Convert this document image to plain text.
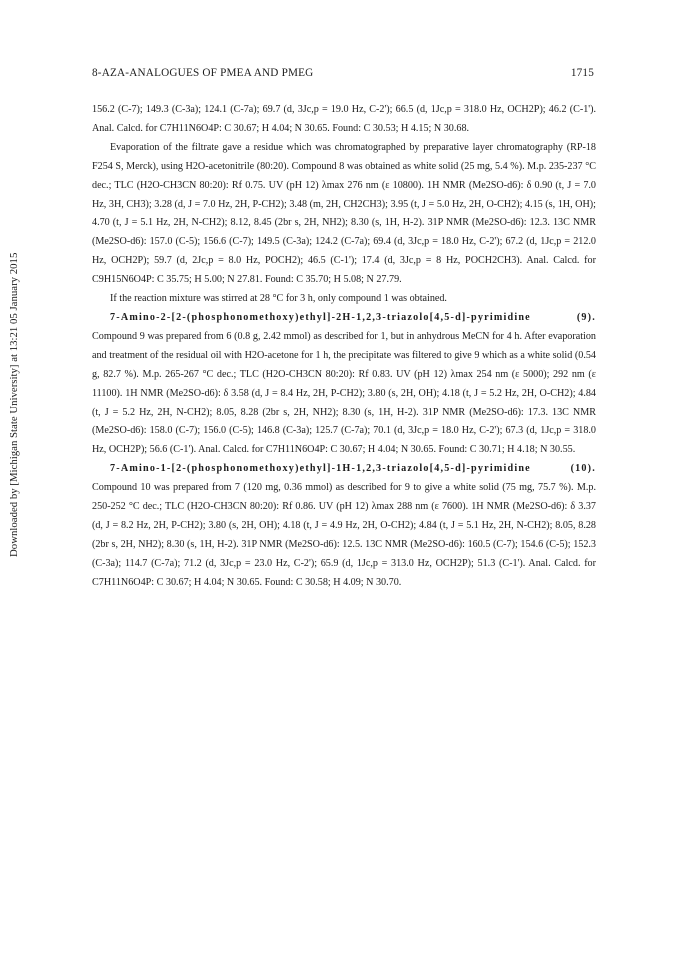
8-AZA-ANALOGUES OF PMEA AND PMEG	1715
Downloaded by [Michigan State University] at 13:21 05 January 2015

156.2 (C-7); 149.3 (C-3a); 124.1 (C-7a); 69.7 (d, 3Jc,p = 19.0 Hz, C-2'); 66.5 (d, 1Jc,p = 318.0 Hz, OCH2P); 46.2 (C-1'). Anal. Calcd. for C7H11N6O4P: C 30.67; H 4.04; N 30.65. Found: C 30.53; H 4.15; N 30.68.

Evaporation of the filtrate gave a residue which was chromatographed by preparative layer chromatography (RP-18 F254 S, Merck), using H2O-acetonitrile (80:20). Compound 8 was obtained as white solid (25 mg, 5.4 %). M.p. 235-237 °C dec.; TLC (H2O-CH3CN 80:20): Rf 0.75. UV (pH 12) λmax 276 nm (ε 10800). 1H NMR (Me2SO-d6): δ 0.90 (t, J = 7.0 Hz, 3H, CH3); 3.28 (d, J = 7.0 Hz, 2H, P-CH2); 3.48 (m, 2H, CH2CH3); 3.95 (t, J = 5.0 Hz, 2H, O-CH2); 4.15 (s, 1H, OH); 4.70 (t, J = 5.1 Hz, 2H, N-CH2); 8.12, 8.45 (2br s, 2H, NH2); 8.30 (s, 1H, H-2). 31P NMR (Me2SO-d6): 12.3. 13C NMR (Me2SO-d6): 157.0 (C-5); 156.6 (C-7); 149.5 (C-3a); 124.2 (C-7a); 69.4 (d, 3Jc,p = 18.0 Hz, C-2'); 67.2 (d, 1Jc,p = 212.0 Hz, OCH2P); 59.7 (d, 2Jc,p = 8.0 Hz, POCH2); 46.5 (C-1'); 17.4 (d, 3Jc,p = 8 Hz, POCH2CH3). Anal. Calcd. for C9H15N6O4P: C 35.75; H 5.00; N 27.81. Found: C 35.70; H 5.08; N 27.79.

If the reaction mixture was stirred at 28 °C for 3 h, only compound 1 was obtained.

7-Amino-2-[2-(phosphonomethoxy)ethyl]-2H-1,2,3-triazolo[4,5-d]-pyrimidine (9). Compound 9 was prepared from 6 (0.8 g, 2.42 mmol) as described for 1, but in anhydrous MeCN for 4 h. After evaporation and treatment of the residual oil with H2O-acetone for 1 h, the precipitate was filtered to give 9 which as a white solid (0.54 g, 82.7 %). M.p. 265-267 °C dec.; TLC (H2O-CH3CN 80:20): Rf 0.83. UV (pH 12) λmax 254 nm (ε 5000); 292 nm (ε 11100). 1H NMR (Me2SO-d6): δ 3.58 (d, J = 8.4 Hz, 2H, P-CH2); 3.80 (s, 2H, OH); 4.18 (t, J = 5.2 Hz, 2H, O-CH2); 4.84 (t, J = 5.2 Hz, 2H, N-CH2); 8.05, 8.28 (2br s, 2H, NH2); 8.30 (s, 1H, H-2). 31P NMR (Me2SO-d6): 17.3. 13C NMR (Me2SO-d6): 158.0 (C-7); 156.0 (C-5); 146.8 (C-3a); 125.7 (C-7a); 70.1 (d, 3Jc,p = 18.0 Hz, C-2'); 67.3 (d, 1Jc,p = 318.0 Hz, OCH2P); 56.6 (C-1'). Anal. Calcd. for C7H11N6O4P: C 30.67; H 4.04; N 30.65. Found: C 30.71; H 4.18; N 30.55.

7-Amino-1-[2-(phosphonomethoxy)ethyl]-1H-1,2,3-triazolo[4,5-d]-pyrimidine (10). Compound 10 was prepared from 7 (120 mg, 0.36 mmol) as described for 9 to give a white solid (75 mg, 75.7 %). M.p. 250-252 °C dec.; TLC (H2O-CH3CN 80:20): Rf 0.86. UV (pH 12) λmax 288 nm (ε 7600). 1H NMR (Me2SO-d6): δ 3.37 (d, J = 8.2 Hz, 2H, P-CH2); 3.80 (s, 2H, OH); 4.18 (t, J = 4.9 Hz, 2H, O-CH2); 4.84 (t, J = 5.1 Hz, 2H, N-CH2); 8.05, 8.28 (2br s, 2H, NH2); 8.30 (s, 1H, H-2). 31P NMR (Me2SO-d6): 12.5. 13C NMR (Me2SO-d6): 160.5 (C-7); 154.6 (C-5); 152.3 (C-3a); 114.7 (C-7a); 71.2 (d, 3Jc,p = 23.0 Hz, C-2'); 65.9 (d, 1Jc,p = 313.0 Hz, OCH2P); 51.3 (C-1'). Anal. Calcd. for C7H11N6O4P: C 30.67; H 4.04; N 30.65. Found: C 30.58; H 4.09; N 30.70.
